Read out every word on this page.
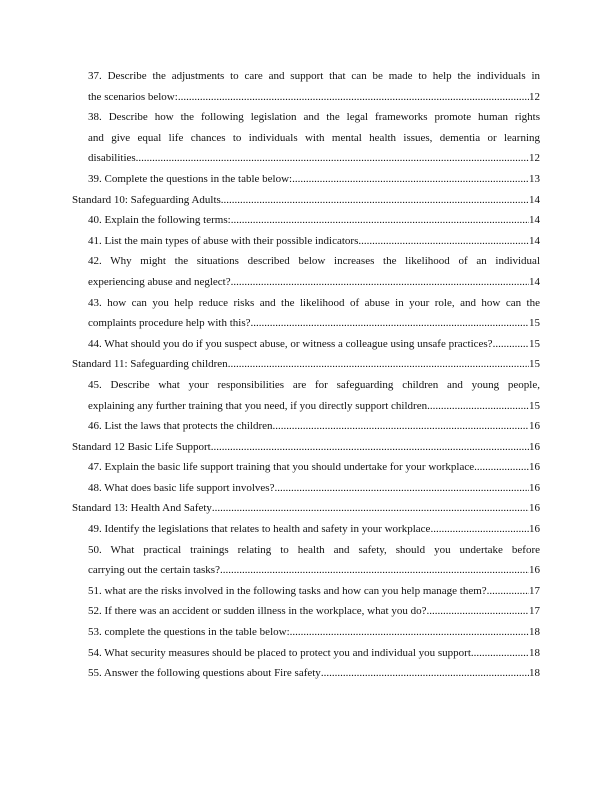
37. Describe the adjustments to care and support that can be made to help the individuals in
the scenarios below: .....	12
38. Describe how the following legislation and the legal frameworks promote human rights
and give equal life chances to individuals with mental health issues, dementia or learning
disabilities .....	12
39. Complete the questions in the table below: .....	13
Standard 10: Safeguarding Adults .....	14
40. Explain the following terms: .....	14
41. List the main types of abuse with their possible indicators .....	14
42. Why might the situations described below increases the likelihood of an individual
experiencing abuse and neglect? .....	14
43. how can you help reduce risks and the likelihood of abuse in your role, and how can the
complaints procedure help with this? .....	15
44. What should you do if you suspect abuse, or witness a colleague using unsafe practices? .....	15
Standard 11: Safeguarding children .....	15
45. Describe what your responsibilities are for safeguarding children and young people,
explaining any further training that you need, if you directly support children .....	15
46. List the laws that protects the children .....	16
Standard 12 Basic Life Support .....	16
47. Explain the basic life support training that you should undertake for your workplace .....	16
48. What does basic life support involves? .....	16
Standard 13: Health And Safety .....	16
49. Identify the legislations that relates to health and safety in your workplace .....	16
50. What practical trainings relating to health and safety, should you undertake before
carrying out the certain tasks? .....	16
51. what are the risks involved in the following tasks and how can you help manage them? .....	17
52. If there was an accident or sudden illness in the workplace, what you do? .....	17
53. complete the questions in the table below: .....	18
54. What security measures should be placed to protect you and individual you support .....	18
55. Answer the following questions about Fire safety .....	18
